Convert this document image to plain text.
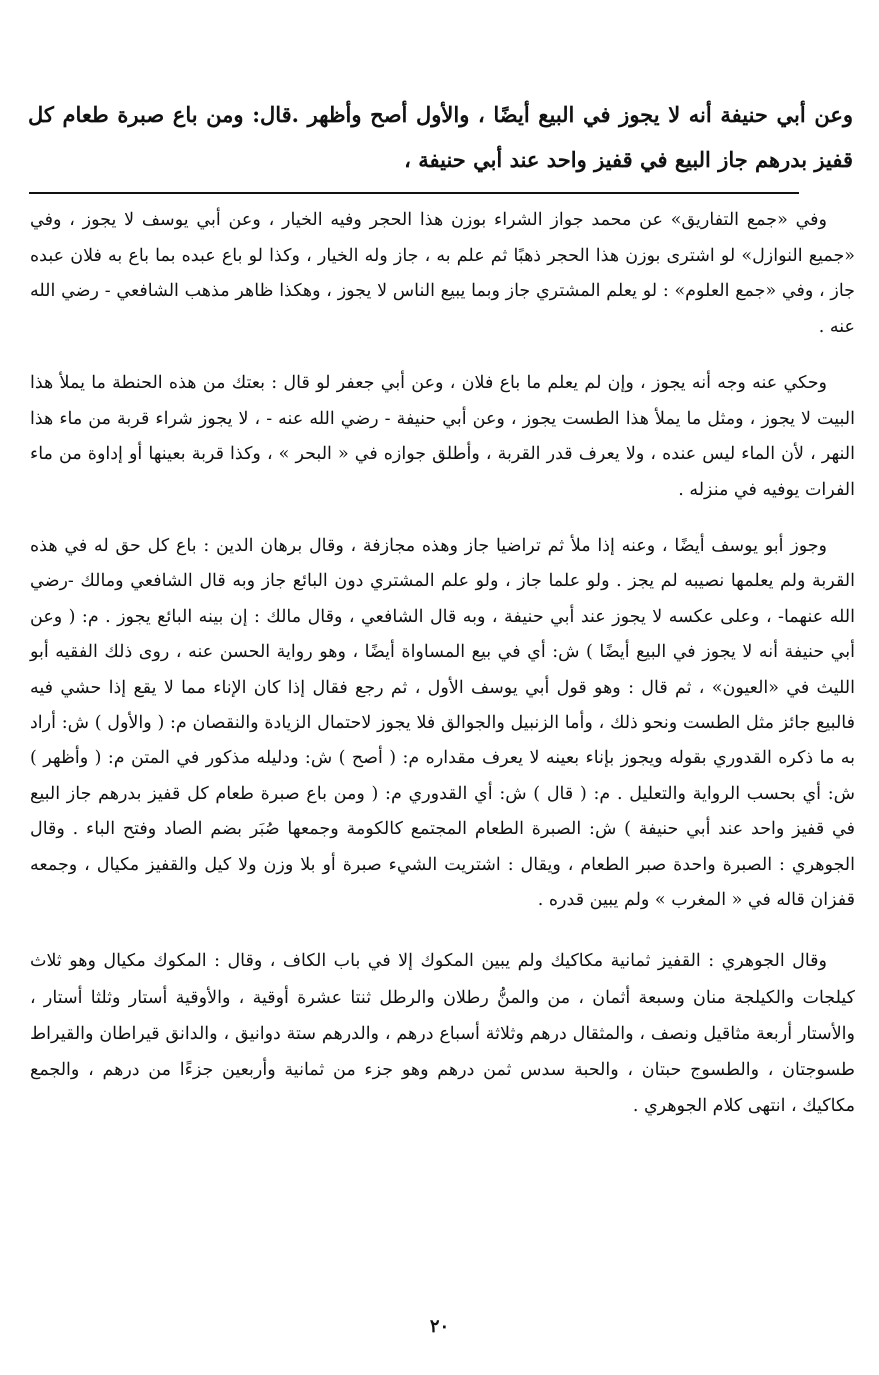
وعن أبي حنيفة أنه لا يجوز في البيع أيضًا ، والأول أصح وأظهر .قال: ومن باع صبرة طعام كل قفيز بدرهم جاز البيع في قفيز واحد عند أبي حنيفة ،

وفي «جمع التفاريق» عن محمد جواز الشراء بوزن هذا الحجر وفيه الخيار ، وعن أبي يوسف لا يجوز ، وفي «جميع النوازل» لو اشترى بوزن هذا الحجر ذهبًا ثم علم به ، جاز وله الخيار ، وكذا لو باع عبده بما باع به فلان عبده جاز ، وفي «جمع العلوم» : لو يعلم المشتري جاز وبما يبيع الناس لا يجوز ، وهكذا ظاهر مذهب الشافعي - رضي الله عنه .

وحكي عنه وجه أنه يجوز ، وإن لم يعلم ما باع فلان ، وعن أبي جعفر لو قال : بعتك من هذه الحنطة ما يملأ هذا البيت لا يجوز ، ومثل ما يملأ هذا الطست يجوز ، وعن أبي حنيفة - رضي الله عنه - ، لا يجوز شراء قربة من ماء هذا النهر ، لأن الماء ليس عنده ، ولا يعرف قدر القربة ، وأطلق جوازه في « البحر » ، وكذا قربة بعينها أو إداوة من ماء الفرات يوفيه في منزله .

وجوز أبو يوسف أيضًا ، وعنه إذا ملأ ثم تراضيا جاز وهذه مجازفة ، وقال برهان الدين : باع كل حق له في هذه القربة ولم يعلمها نصيبه لم يجز . ولو علما جاز ، ولو علم المشتري دون البائع جاز وبه قال الشافعي ومالك -رضي الله عنهما- ، وعلى عكسه لا يجوز عند أبي حنيفة ، وبه قال الشافعي ، وقال مالك : إن بينه البائع يجوز . م: ( وعن أبي حنيفة أنه لا يجوز في البيع أيضًا ) ش: أي في بيع المساواة أيضًا ، وهو رواية الحسن عنه ، روى ذلك الفقيه أبو الليث في «العيون» ، ثم قال : وهو قول أبي يوسف الأول ، ثم رجع فقال إذا كان الإناء مما لا يقع إذا حشي فيه فالبيع جائز مثل الطست ونحو ذلك ، وأما الزنبيل والجوالق فلا يجوز لاحتمال الزيادة والنقصان م: ( والأول ) ش: أراد به ما ذكره القدوري بقوله ويجوز بإناء بعينه لا يعرف مقداره م: ( أصح ) ش: ودليله مذكور في المتن م: ( وأظهر ) ش: أي بحسب الرواية والتعليل . م: ( قال ) ش: أي القدوري م: ( ومن باع صبرة طعام كل قفيز بدرهم جاز البيع في قفيز واحد عند أبي حنيفة ) ش: الصبرة الطعام المجتمع كالكومة وجمعها صُبَر بضم الصاد وفتح الباء . وقال الجوهري : الصبرة واحدة صبر الطعام ، ويقال : اشتريت الشيء صبرة أو بلا وزن ولا كيل والقفيز مكيال ، وجمعه قفزان قاله في « المغرب » ولم يبين قدره .

وقال الجوهري : القفيز ثمانية مكاكيك ولم يبين المكوك إلا في باب الكاف ، وقال : المكوك مكيال وهو ثلاث كيلجات والكيلجة منان وسبعة أثمان ، من والمنُّ رطلان والرطل ثنتا عشرة أوقية ، والأوقية أستار وثلثا أستار ، والأستار أربعة مثاقيل ونصف ، والمثقال درهم وثلاثة أسباع درهم ، والدرهم ستة دوانيق ، والدانق قيراطان والقيراط طسوجتان ، والطسوج حبتان ، والحبة سدس ثمن درهم وهو جزء من ثمانية وأربعين جزءًا من درهم ، والجمع مكاكيك ، انتهى كلام الجوهري .

٢٠
